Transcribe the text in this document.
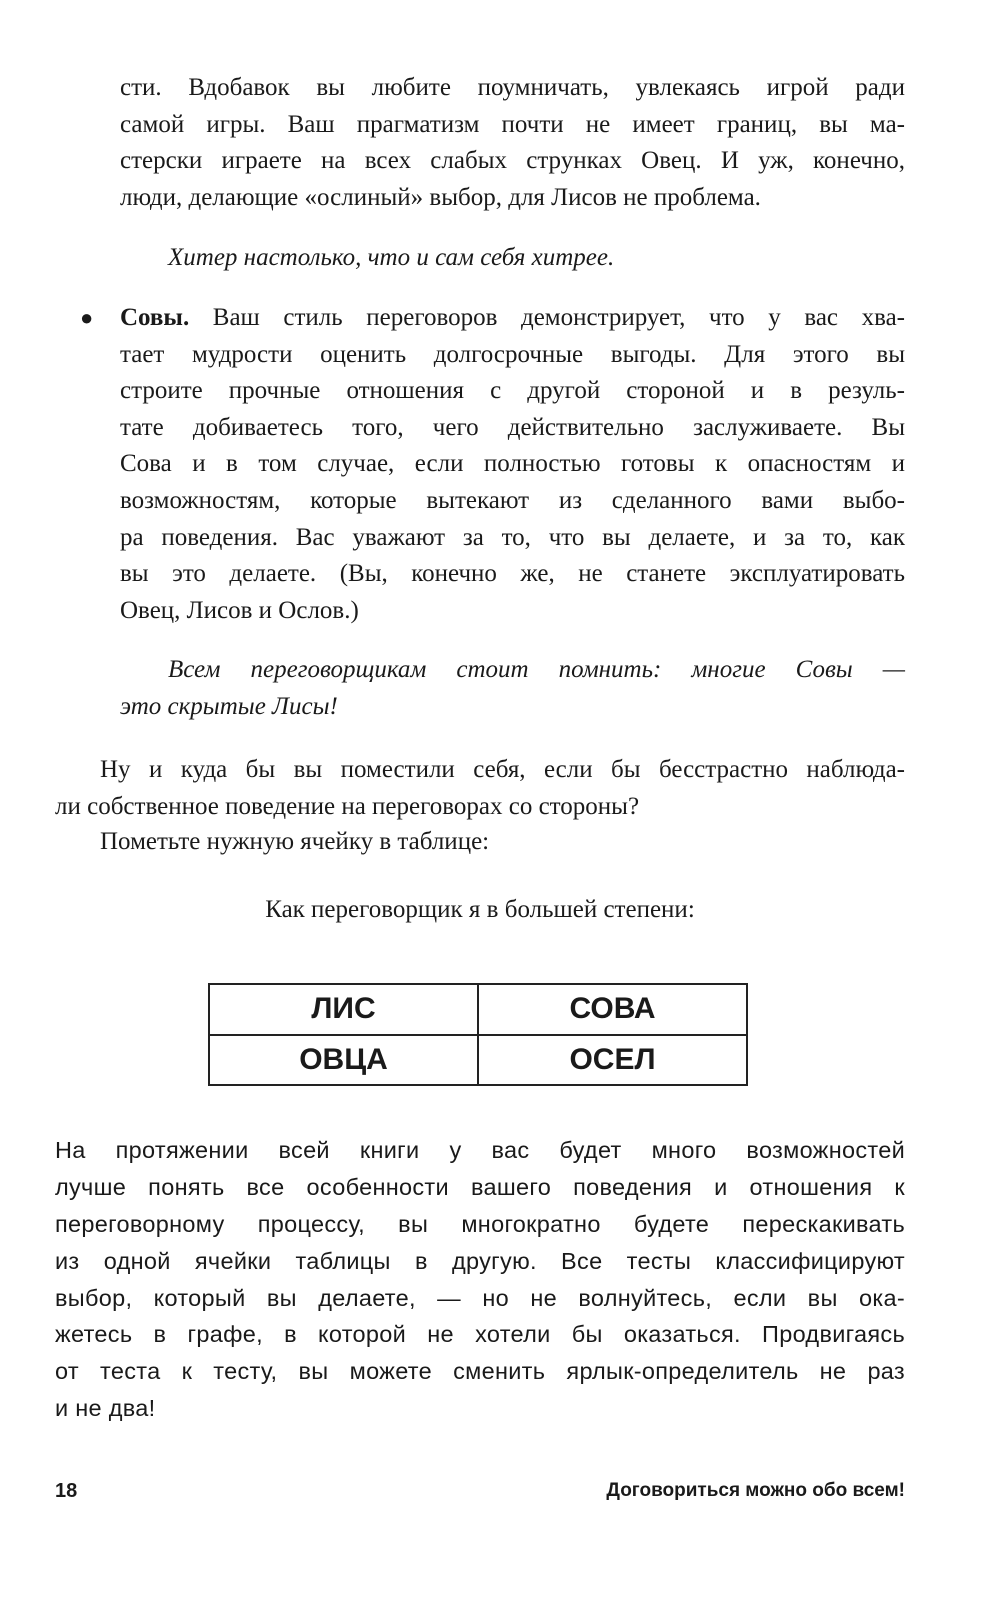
сти. Вдобавок вы любите поумничать, увлекаясь игрой ради
самой игры. Ваш прагматизм почти не имеет границ, вы ма-
стерски играете на всех слабых струнках Овец. И уж, конечно,
люди, делающие «ослиный» выбор, для Лисов не проблема.
Хитер настолько, что и сам себя хитрее.
● Совы. Ваш стиль переговоров демонстрирует, что у вас хва-
тает мудрости оценить долгосрочные выгоды. Для этого вы
строите прочные отношения с другой стороной и в резуль-
тате добиваетесь того, чего действительно заслуживаете. Вы
Сова и в том случае, если полностью готовы к опасностям и
возможностям, которые вытекают из сделанного вами выбо-
ра поведения. Вас уважают за то, что вы делаете, и за то, как
вы это делаете. (Вы, конечно же, не станете эксплуатировать
Овец, Лисов и Ослов.)
Всем переговорщикам стоит помнить: многие Совы —
это скрытые Лисы!
Ну и куда бы вы поместили себя, если бы бесстрастно наблюда-
ли собственное поведение на переговорах со стороны?
Пометьте нужную ячейку в таблице:
Как переговорщик я в большей степени:
ЛИС	СОВА
ОВЦА	ОСЕЛ
На протяжении всей книги у вас будет много возможностей
лучше понять все особенности вашего поведения и отношения к
переговорному процессу, вы многократно будете перескакивать
из одной ячейки таблицы в другую. Все тесты классифицируют
выбор, который вы делаете, — но не волнуйтесь, если вы ока-
жетесь в графе, в которой не хотели бы оказаться. Продвигаясь
от теста к тесту, вы можете сменить ярлык-определитель не раз
и не два!
18	Договориться можно обо всем!
